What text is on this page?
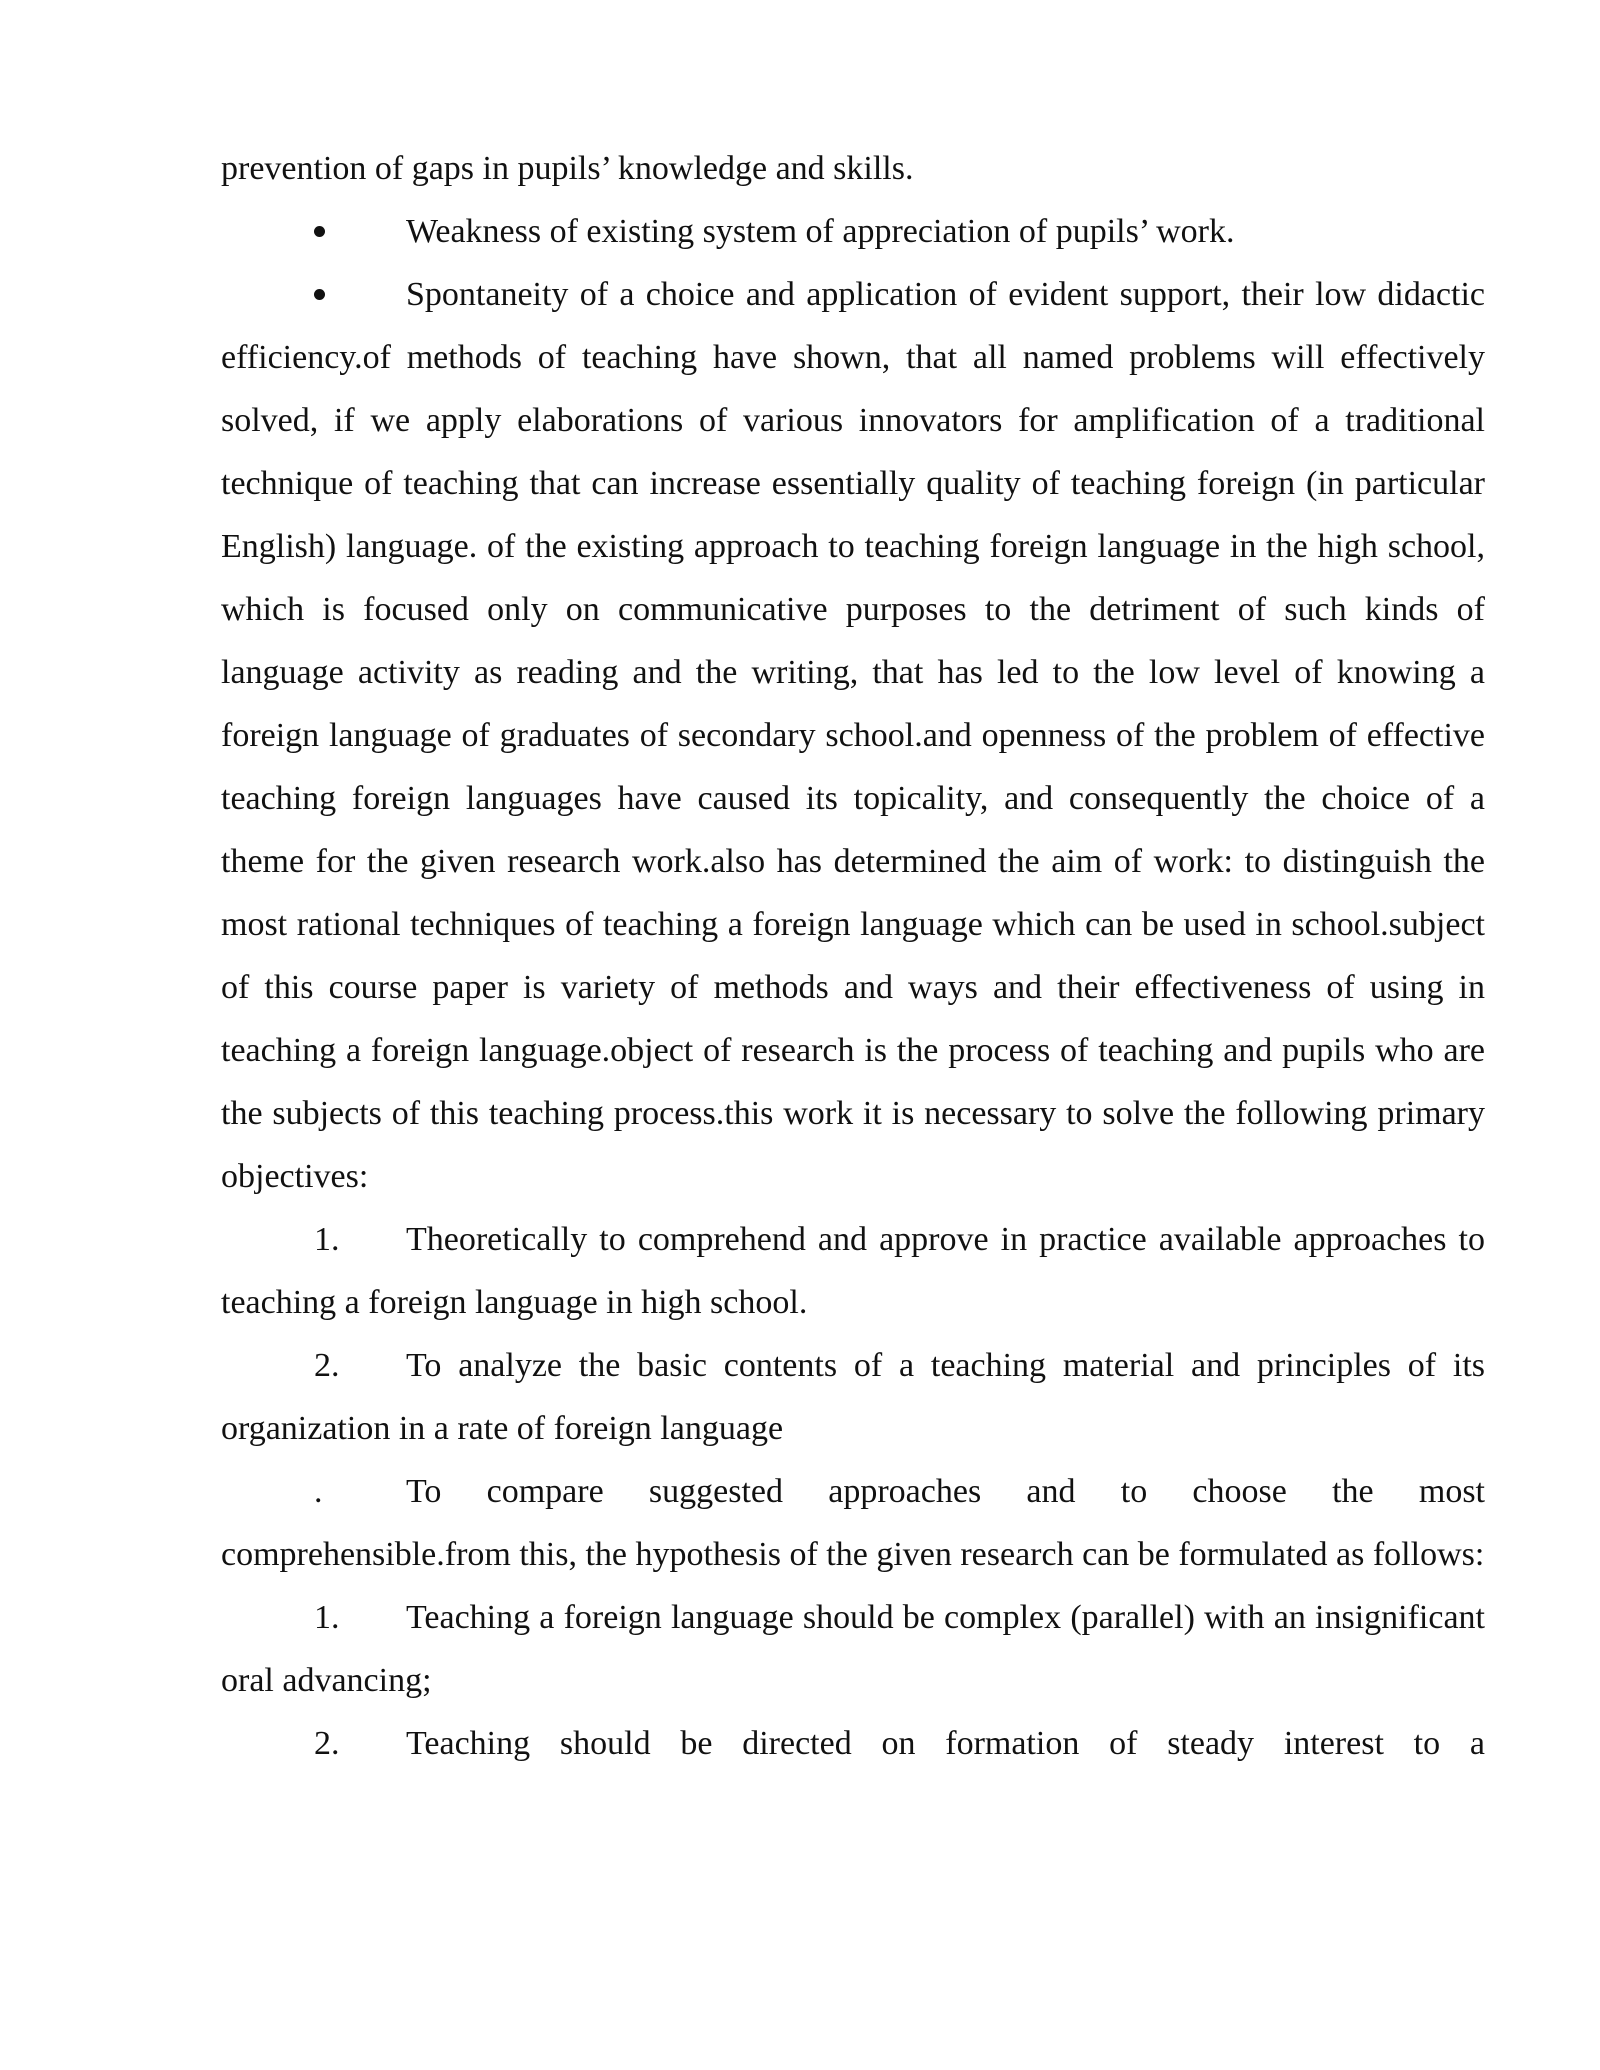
prevention of gaps in pupils’ knowledge and skills.

Weakness of existing system of appreciation of pupils’ work.

Spontaneity of a choice and application of evident support, their low didactic efficiency.of methods of teaching have shown, that all named problems will effectively solved, if we apply elaborations of various innovators for amplification of a traditional technique of teaching that can increase essentially quality of teaching foreign (in particular English) language. of the existing approach to teaching foreign language in the high school, which is focused only on communicative purposes to the detriment of such kinds of language activity as reading and the writing, that has led to the low level of knowing a foreign language of graduates of secondary school.and openness of the problem of effective teaching foreign languages have caused its topicality, and consequently the choice of a theme for the given research work.also has determined the aim of work: to distinguish the most rational techniques of teaching a foreign language which can be used in school.subject of this course paper is variety of methods and ways and their effectiveness of using in teaching a foreign language.object of research is the process of teaching and pupils who are the subjects of this teaching process.this work it is necessary to solve the following primary objectives:

1. Theoretically to comprehend and approve in practice available approaches to teaching a foreign language in high school.

2. To analyze the basic contents of a teaching material and principles of its organization in a rate of foreign language

. To compare suggested approaches and to choose the most comprehensible.from this, the hypothesis of the given research can be formulated as follows:

1. Teaching a foreign language should be complex (parallel) with an insignificant oral advancing;

2. Teaching should be directed on formation of steady interest to a
